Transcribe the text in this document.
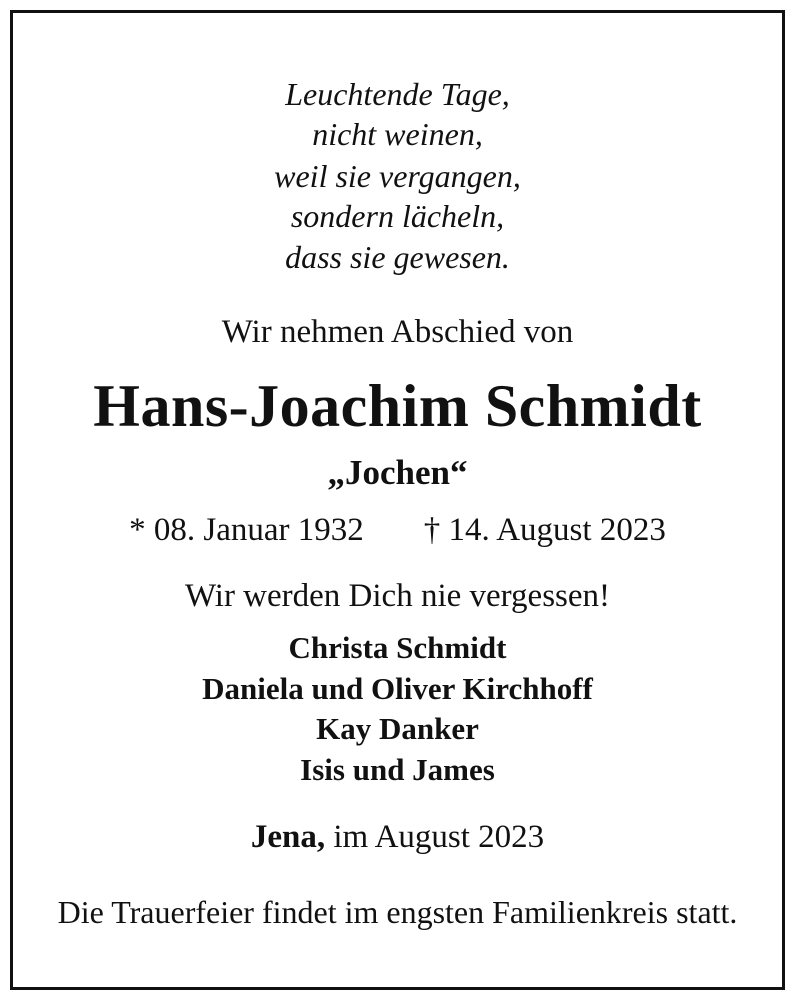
Leuchtende Tage,
nicht weinen,
weil sie vergangen,
sondern lächeln,
dass sie gewesen.
Wir nehmen Abschied von
Hans-Joachim Schmidt
„Jochen“
* 08. Januar 1932 † 14. August 2023
Wir werden Dich nie vergessen!
Christa Schmidt
Daniela und Oliver Kirchhoff
Kay Danker
Isis und James
Jena, im August 2023
Die Trauerfeier findet im engsten Familienkreis statt.
